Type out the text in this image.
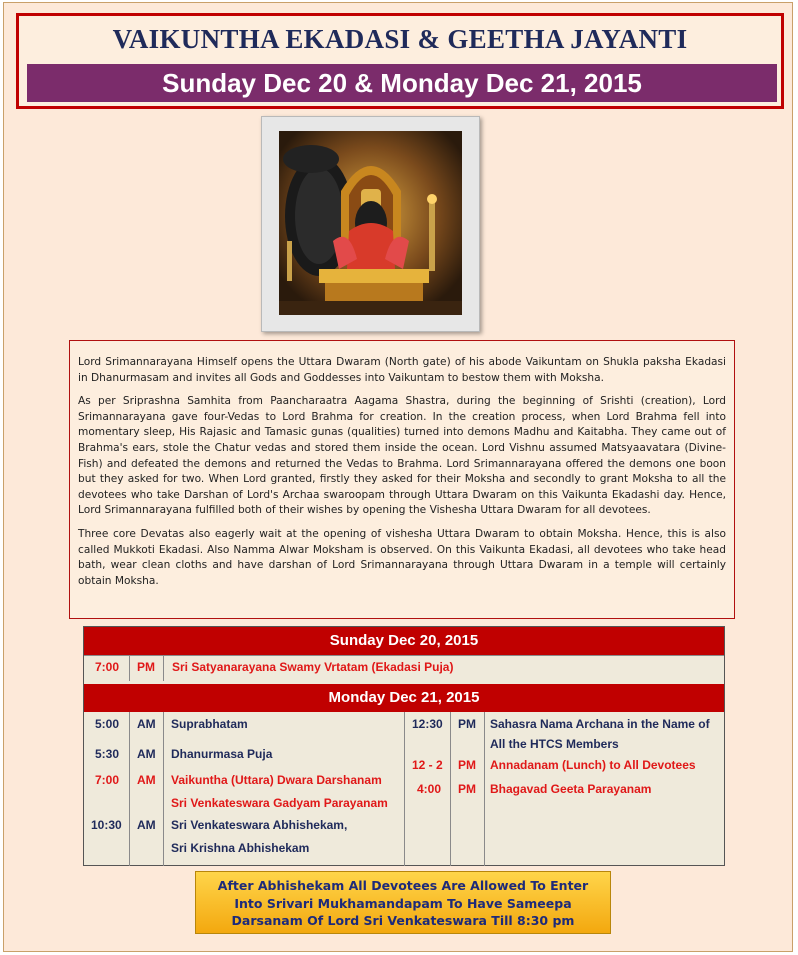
VAIKUNTHA EKADASI & GEETHA JAYANTI
Sunday Dec 20 & Monday Dec 21, 2015

Lord Srimannarayana Himself opens the Uttara Dwaram (North gate) of his abode Vaikuntam on Shukla paksha Ekadasi in Dhanurmasam and invites all Gods and Goddesses into Vaikuntam to bestow them with Moksha.

As per Sriprashna Samhita from Paancharaatra Aagama Shastra, during the beginning of Srishti (creation), Lord Srimannarayana gave four-Vedas to Lord Brahma for creation. In the creation process, when Lord Brahma fell into momentary sleep, His Rajasic and Tamasic gunas (qualities) turned into demons Madhu and Kaitabha. They came out of Brahma's ears, stole the Chatur vedas and stored them inside the ocean. Lord Vishnu assumed Matsyaavatara (Divine-Fish) and defeated the demons and returned the Vedas to Brahma. Lord Srimannarayana offered the demons one boon but they asked for two. When Lord granted, firstly they asked for their Moksha and secondly to grant Moksha to all the devotees who take Darshan of Lord's Archaa swaroopam through Uttara Dwaram on this Vaikunta Ekadashi day. Hence, Lord Srimannarayana fulfilled both of their wishes by opening the Vishesha Uttara Dwaram for all devotees.

Three core Devatas also eagerly wait at the opening of vishesha Uttara Dwaram to obtain Moksha. Hence, this is also called Mukkoti Ekadasi. Also Namma Alwar Moksham is observed. On this Vaikunta Ekadasi, all devotees who take head bath, wear clean cloths and have darshan of Lord Srimannarayana through Uttara Dwaram in a temple will certainly obtain Moksha.

Sunday Dec 20, 2015
7:00 PM Sri Satyanarayana Swamy Vrtatam (Ekadasi Puja)
Monday Dec 21, 2015
5:00 AM Suprabhatam
5:30 AM Dhanurmasa Puja
7:00 AM Vaikuntha (Uttara) Dwara Darshanam
Sri Venkateswara Gadyam Parayanam
10:30 AM Sri Venkateswara Abhishekam,
Sri Krishna Abhishekam
12:30 PM Sahasra Nama Archana in the Name of
All the HTCS Members
12 - 2 PM Annadanam (Lunch) to All Devotees
4:00 PM Bhagavad Geeta Parayanam
After Abhishekam All Devotees Are Allowed To Enter
Into Srivari Mukhamandapam To Have Sameepa
Darsanam Of Lord Sri Venkateswara Till 8:30 pm
